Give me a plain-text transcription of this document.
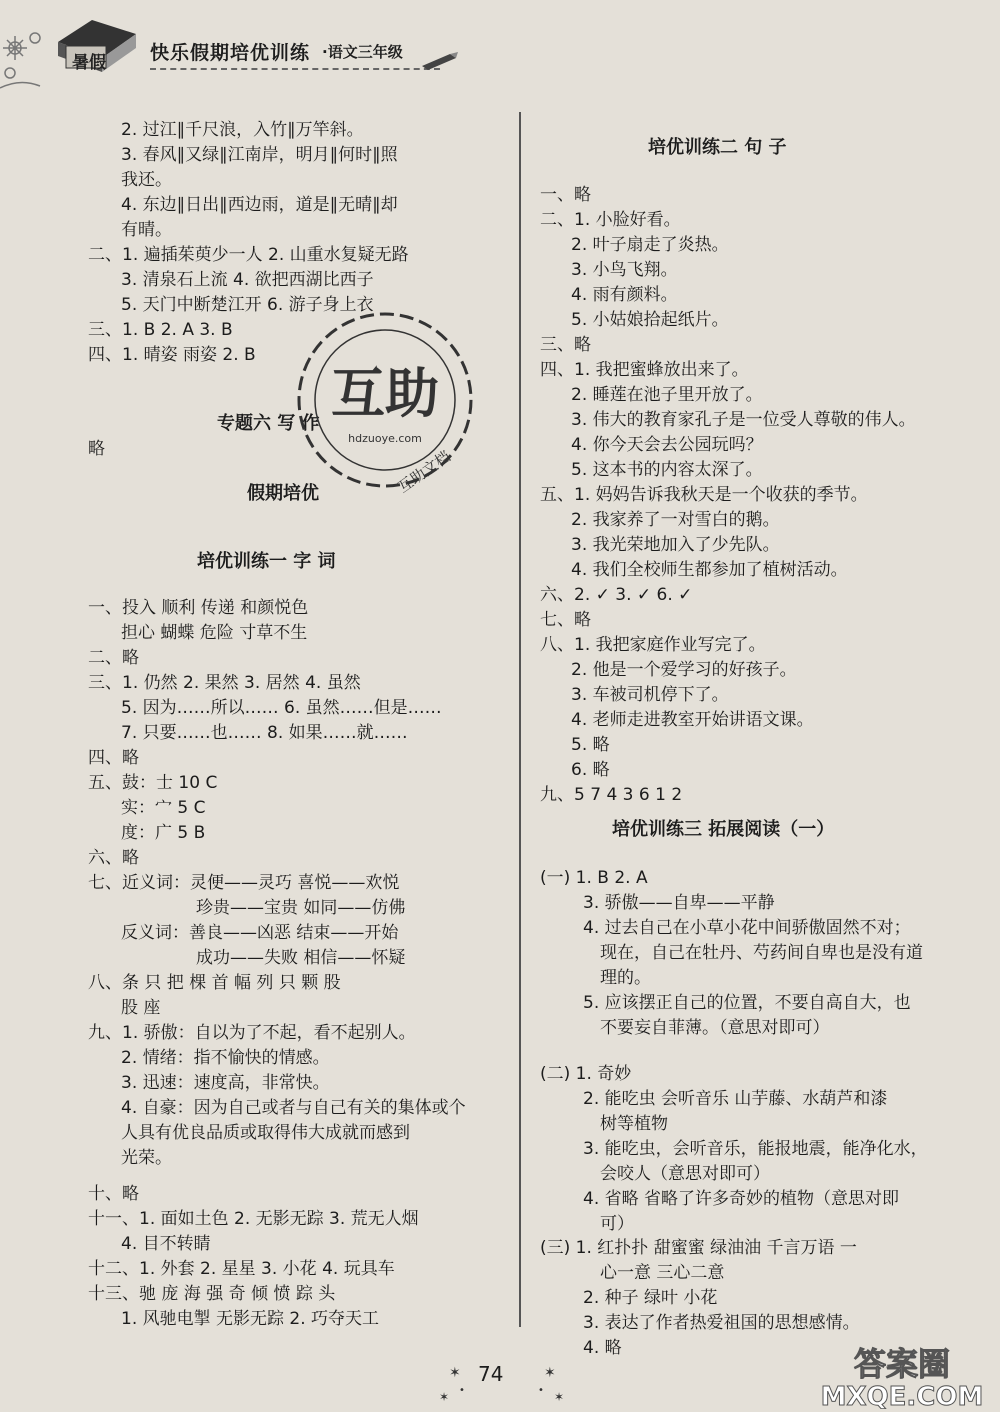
暑假 快乐假期培优训练 ·语文三年级
2. 过江∥千尺浪，入竹∥万竿斜。
3. 春风∥又绿∥江南岸，明月∥何时∥照
我还。
4. 东边∥日出∥西边雨，道是∥无晴∥却
有晴。
二、1. 遍插茱萸少一人 2. 山重水复疑无路
3. 清泉石上流 4. 欲把西湖比西子
5. 天门中断楚江开 6. 游子身上衣
三、1. B 2. A 3. B
四、1. 晴姿 雨姿 2. B
专题六 写 作
略
假期培优
培优训练一 字 词
一、投入 顺利 传递 和颜悦色
担心 蝴蝶 危险 寸草不生
二、略
三、1. 仍然 2. 果然 3. 居然 4. 虽然
5. 因为……所以…… 6. 虽然……但是……
7. 只要……也…… 8. 如果……就……
四、略
五、鼓：士 10 C
实：宀 5 C
度：广 5 B
六、略
七、近义词：灵便——灵巧 喜悦——欢悦
珍贵——宝贵 如同——仿佛
反义词：善良——凶恶 结束——开始
成功——失败 相信——怀疑
八、条 只 把 棵 首 幅 列 只 颗 股
股 座
九、1. 骄傲：自以为了不起，看不起别人。
2. 情绪：指不愉快的情感。
3. 迅速：速度高，非常快。
4. 自豪：因为自己或者与自己有关的集体或个
人具有优良品质或取得伟大成就而感到
光荣。
十、略
十一、1. 面如土色 2. 无影无踪 3. 荒无人烟
4. 目不转睛
十二、1. 外套 2. 星星 3. 小花 4. 玩具车
十三、驰 庞 海 强 奇 倾 愤 踪 头
1. 风驰电掣 无影无踪 2. 巧夺天工
培优训练二 句 子
一、略
二、1. 小脸好看。
2. 叶子扇走了炎热。
3. 小鸟飞翔。
4. 雨有颜料。
5. 小姑娘拾起纸片。
三、略
四、1. 我把蜜蜂放出来了。
2. 睡莲在池子里开放了。
3. 伟大的教育家孔子是一位受人尊敬的伟人。
4. 你今天会去公园玩吗？
5. 这本书的内容太深了。
五、1. 妈妈告诉我秋天是一个收获的季节。
2. 我家养了一对雪白的鹅。
3. 我光荣地加入了少先队。
4. 我们全校师生都参加了植树活动。
六、2. ✓ 3. ✓ 6. ✓
七、略
八、1. 我把家庭作业写完了。
2. 他是一个爱学习的好孩子。
3. 车被司机停下了。
4. 老师走进教室开始讲语文课。
5. 略
6. 略
九、5 7 4 3 6 1 2
培优训练三 拓展阅读（一）
(一) 1. B 2. A
3. 骄傲——自卑——平静
4. 过去自己在小草小花中间骄傲固然不对；
现在，自己在牡丹、芍药间自卑也是没有道
理的。
5. 应该摆正自己的位置，不要自高自大，也
不要妄自菲薄。（意思对即可）
(二) 1. 奇妙
2. 能吃虫 会听音乐 山芋藤、水葫芦和漆
树等植物
3. 能吃虫，会听音乐，能报地震，能净化水，
会咬人（意思对即可）
4. 省略 省略了许多奇妙的植物（意思对即
可）
(三) 1. 红扑扑 甜蜜蜜 绿油油 千言万语 一
心一意 三心二意
2. 种子 绿叶 小花
3. 表达了作者热爱祖国的思想感情。
4. 略
互助
hdzuoye.com
互助文档
✶
•
✶
74	✶
• ✶
答案圈
MXQE.COM
